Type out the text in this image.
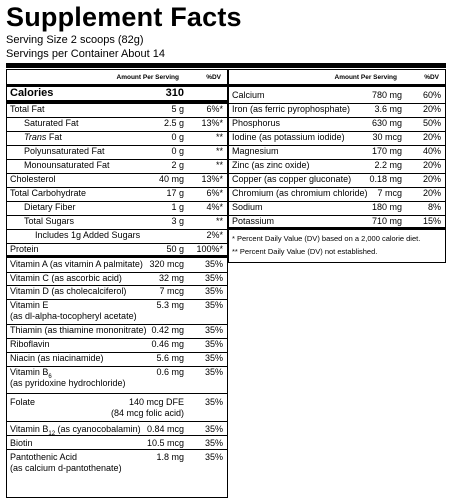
Supplement Facts
Serving Size 2 scoops (82g)
Servings per Container About 14
Amount Per Serving	%DV
Calories	310
Total Fat	5 g 6%*
Saturated Fat	2.5 g 13%*
Trans Fat	0 g	**
Polyunsaturated Fat	0 g	**
Monounsaturated Fat	2 g	**
Cholesterol	40 mg 13%*
Total Carbohydrate	17 g 6%*
Dietary Fiber	1 g 4%*
Total Sugars	3 g	**
Includes 1g Added Sugars	2%*
Protein	50 g 100%*
Vitamin A (as vitamin A palmitate) 320 mcg 35%
Vitamin C (as ascorbic acid)	32 mg 35%
Vitamin D (as cholecalciferol)	7 mcg 35%
Vitamin E
(as dl-alpha-tocopheryl acetate)
5.3 mg 35%
Thiamin (as thiamine mononitrate) 0.42 mg 35%
Riboflavin	0.46 mg 35%
Niacin (as niacinamide)	5.6 mg 35%
Vitamin $B_6$
(as pyridoxine hydrochloride)
0.6 mg 35%
Folate	140 mcg DFE
(84 mcg folic acid)
35%
Vitamin $B_{12}$ (as cyanocobalamin) 0.84 mcg 35%
Biotin	10.5 mcg 35%
Pantothenic Acid
(as calcium d-pantothenate)
1.8 mg 35%
Amount Per Serving	%DV
Calcium	780 mg 60%
Iron (as ferric pyrophosphate)	3.6 mg 20%
Phosphorus	630 mg 50%
Iodine (as potassium iodide)	30 mcg 20%
Magnesium	170 mg 40%
Zinc (as zinc oxide)	2.2 mg 20%
Copper (as copper gluconate) 0.18 mg 20%
Chromium (as chromium chloride) 7 mcg 20%
Sodium	180 mg	8%
Potassium	710 mg 15%
* Percent Daily Value (DV) based on a 2,000 calorie diet.
** Percent Daily Value (DV) not established.
